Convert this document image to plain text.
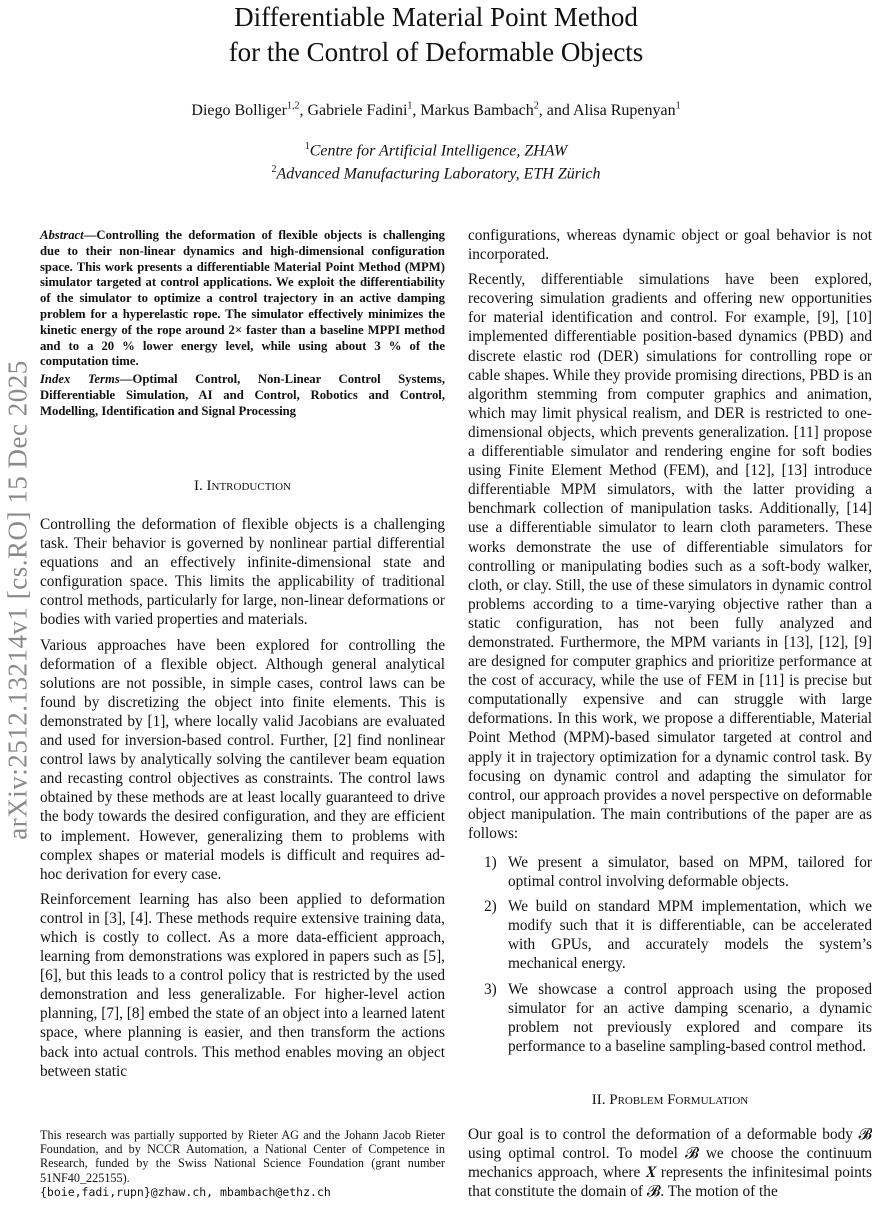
Differentiable Material Point Method
for the Control of Deformable Objects
Diego Bolliger$^{1,2}$, Gabriele Fadini$^1$, Markus Bambach$^2$, and Alisa Rupenyan$^1$
$^1$Centre for Artificial Intelligence, ZHAW
$^2$Advanced Manufacturing Laboratory, ETH Zürich
arXiv:2512.13214v1 [cs.RO] 15 Dec 2025
Abstract—Controlling the deformation of flexible objects is challenging due to their non-linear dynamics and high-dimensional configuration space. This work presents a differentiable Material Point Method (MPM) simulator targeted at control applications. We exploit the differentiability of the simulator to optimize a control trajectory in an active damping problem for a hyperelastic rope. The simulator effectively minimizes the kinetic energy of the rope around 2× faster than a baseline MPPI method and to a 20 % lower energy level, while using about 3 % of the computation time.
Index Terms—Optimal Control, Non-Linear Control Systems, Differentiable Simulation, AI and Control, Robotics and Control, Modelling, Identification and Signal Processing
I. Introduction

Controlling the deformation of flexible objects is a challenging task. Their behavior is governed by nonlinear partial differential equations and an effectively infinite-dimensional state and configuration space. This limits the applicability of traditional control methods, particularly for large, non-linear deformations or bodies with varied properties and materials.

Various approaches have been explored for controlling the deformation of a flexible object. Although general analytical solutions are not possible, in simple cases, control laws can be found by discretizing the object into finite elements. This is demonstrated by [1], where locally valid Jacobians are evaluated and used for inversion-based control. Further, [2] find nonlinear control laws by analytically solving the cantilever beam equation and recasting control objectives as constraints. The control laws obtained by these methods are at least locally guaranteed to drive the body towards the desired configuration, and they are efficient to implement. However, generalizing them to problems with complex shapes or material models is difficult and requires ad-hoc derivation for every case.

Reinforcement learning has also been applied to deformation control in [3], [4]. These methods require extensive training data, which is costly to collect. As a more data-efficient approach, learning from demonstrations was explored in papers such as [5], [6], but this leads to a control policy that is restricted by the used demonstration and less generalizable. For higher-level action planning, [7], [8] embed the state of an object into a learned latent space, where planning is easier, and then transform the actions back into actual controls. This method enables moving an object between static

This research was partially supported by Rieter AG and the Johann Jacob Rieter Foundation, and by NCCR Automation, a National Center of Competence in Research, funded by the Swiss National Science Foundation (grant number 51NF40_225155).
{boie,fadi,rupn}@zhaw.ch, mbambach@ethz.ch

configurations, whereas dynamic object or goal behavior is not incorporated.

Recently, differentiable simulations have been explored, recovering simulation gradients and offering new opportunities for material identification and control. For example, [9], [10] implemented differentiable position-based dynamics (PBD) and discrete elastic rod (DER) simulations for controlling rope or cable shapes. While they provide promising directions, PBD is an algorithm stemming from computer graphics and animation, which may limit physical realism, and DER is restricted to one-dimensional objects, which prevents generalization. [11] propose a differentiable simulator and rendering engine for soft bodies using Finite Element Method (FEM), and [12], [13] introduce differentiable MPM simulators, with the latter providing a benchmark collection of manipulation tasks. Additionally, [14] use a differentiable simulator to learn cloth parameters. These works demonstrate the use of differentiable simulators for controlling or manipulating bodies such as a soft-body walker, cloth, or clay. Still, the use of these simulators in dynamic control problems according to a time-varying objective rather than a static configuration, has not been fully analyzed and demonstrated. Furthermore, the MPM variants in [13], [12], [9] are designed for computer graphics and prioritize performance at the cost of accuracy, while the use of FEM in [11] is precise but computationally expensive and can struggle with large deformations. In this work, we propose a differentiable, Material Point Method (MPM)-based simulator targeted at control and apply it in trajectory optimization for a dynamic control task. By focusing on dynamic control and adapting the simulator for control, our approach provides a novel perspective on deformable object manipulation. The main contributions of the paper are as follows:

1) We present a simulator, based on MPM, tailored for optimal control involving deformable objects.
2) We build on standard MPM implementation, which we modify such that it is differentiable, can be accelerated with GPUs, and accurately models the system’s mechanical energy.
3) We showcase a control approach using the proposed simulator for an active damping scenario, a dynamic problem not previously explored and compare its performance to a baseline sampling-based control method.
II. Problem Formulation

Our goal is to control the deformation of a deformable body 𝓑 using optimal control. To model 𝓑 we choose the continuum mechanics approach, where 𝑿 represents the infinitesimal points that constitute the domain of 𝓑. The motion of the
